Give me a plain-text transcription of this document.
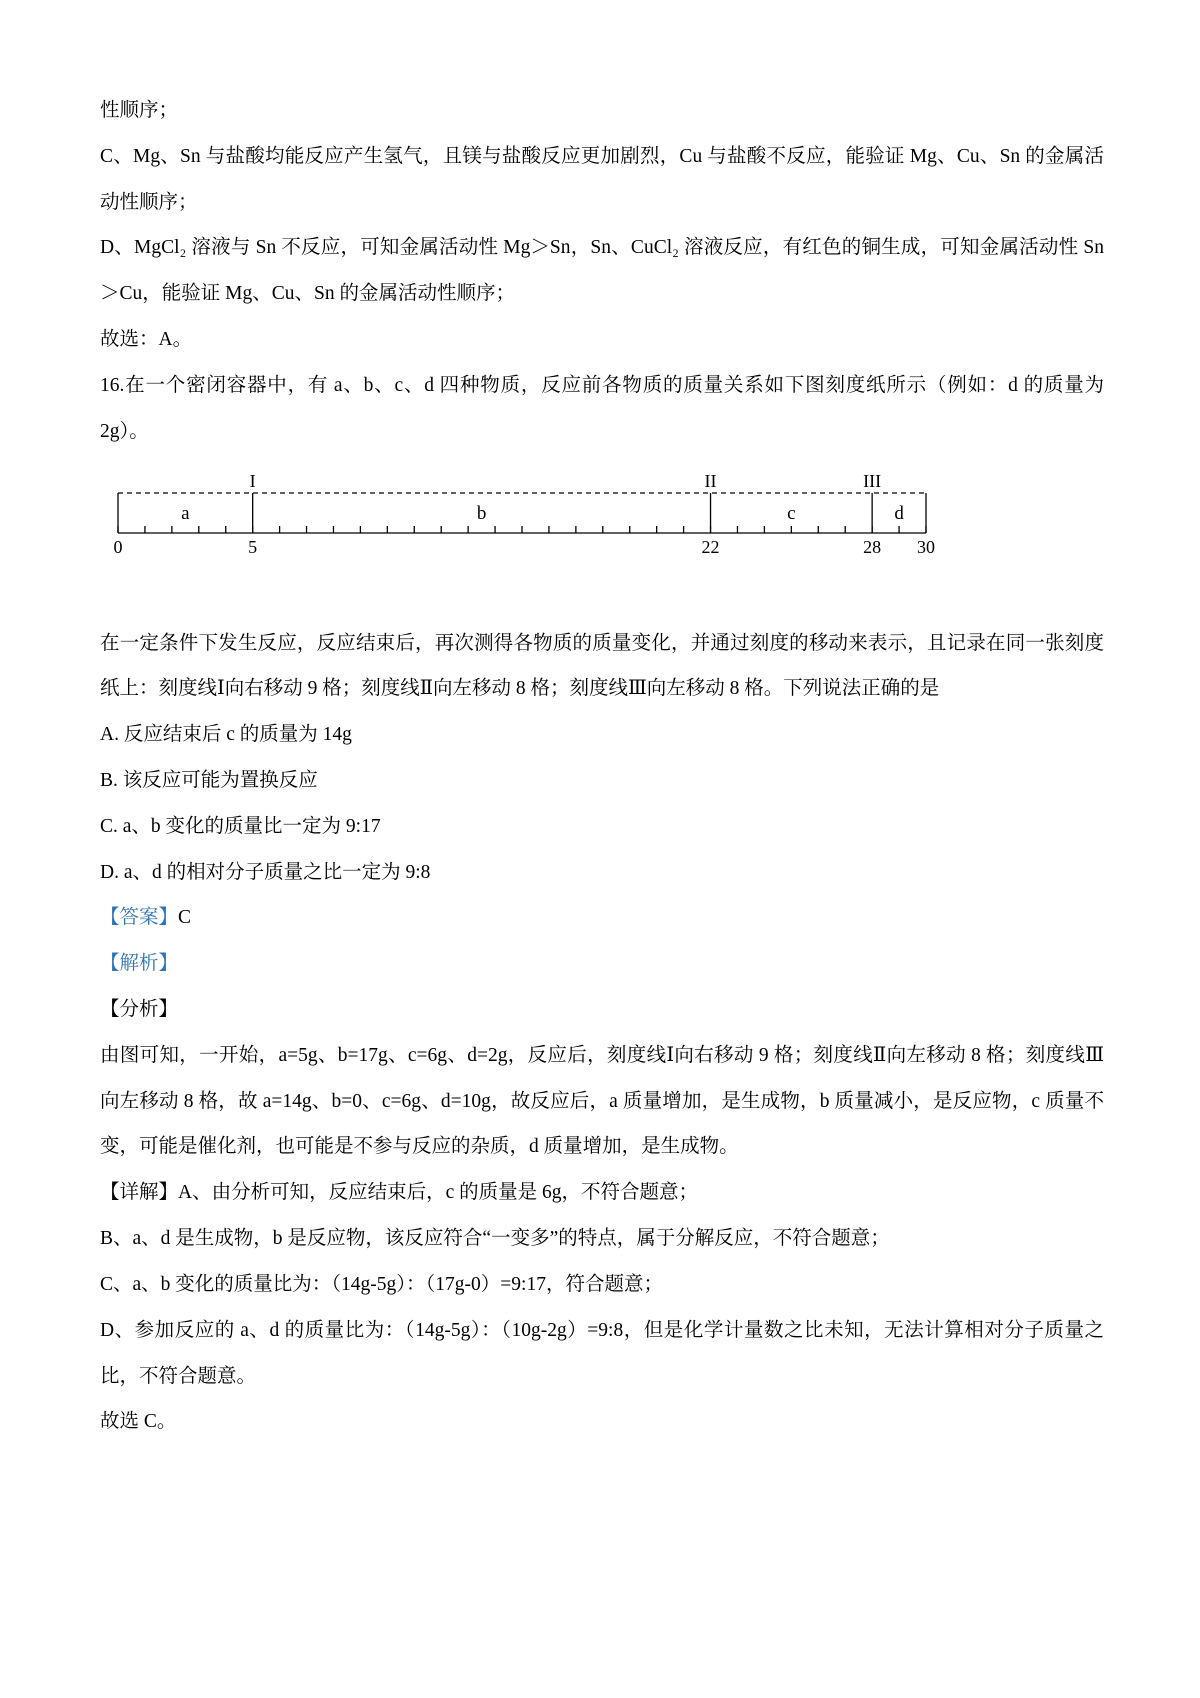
性顺序；

C、Mg、Sn 与盐酸均能反应产生氢气，且镁与盐酸反应更加剧烈，Cu 与盐酸不反应，能验证 Mg、Cu、Sn 的金属活动性顺序；

D、MgCl₂ 溶液与 Sn 不反应，可知金属活动性 Mg＞Sn，Sn、CuCl₂ 溶液反应，有红色的铜生成，可知金属活动性 Sn＞Cu，能验证 Mg、Cu、Sn 的金属活动性顺序；

故选：A。

16.在一个密闭容器中，有 a、b、c、d 四种物质，反应前各物质的质量关系如下图刻度纸所示（例如：d 的质量为 2g）。

I	II	III
a	b	c	d
0	5	22	28 30

在一定条件下发生反应，反应结束后，再次测得各物质的质量变化，并通过刻度的移动来表示，且记录在同一张刻度纸上：刻度线Ⅰ向右移动 9 格；刻度线Ⅱ向左移动 8 格；刻度线Ⅲ向左移动 8 格。下列说法正确的是

A. 反应结束后 c 的质量为 14g

B. 该反应可能为置换反应

C. a、b 变化的质量比一定为 9:17

D. a、d 的相对分子质量之比一定为 9:8

【答案】C

【解析】

【分析】

由图可知，一开始，a=5g、b=17g、c=6g、d=2g，反应后，刻度线Ⅰ向右移动 9 格；刻度线Ⅱ向左移动 8 格；刻度线Ⅲ向左移动 8 格，故 a=14g、b=0、c=6g、d=10g，故反应后，a 质量增加，是生成物，b 质量减小，是反应物，c 质量不变，可能是催化剂，也可能是不参与反应的杂质，d 质量增加，是生成物。

【详解】A、由分析可知，反应结束后，c 的质量是 6g，不符合题意；

B、a、d 是生成物，b 是反应物，该反应符合“一变多”的特点，属于分解反应，不符合题意；

C、a、b 变化的质量比为：（14g-5g）：（17g-0）=9:17，符合题意；

D、参加反应的 a、d 的质量比为：（14g-5g）：（10g-2g）=9:8，但是化学计量数之比未知，无法计算相对分子质量之比，不符合题意。

故选 C。
